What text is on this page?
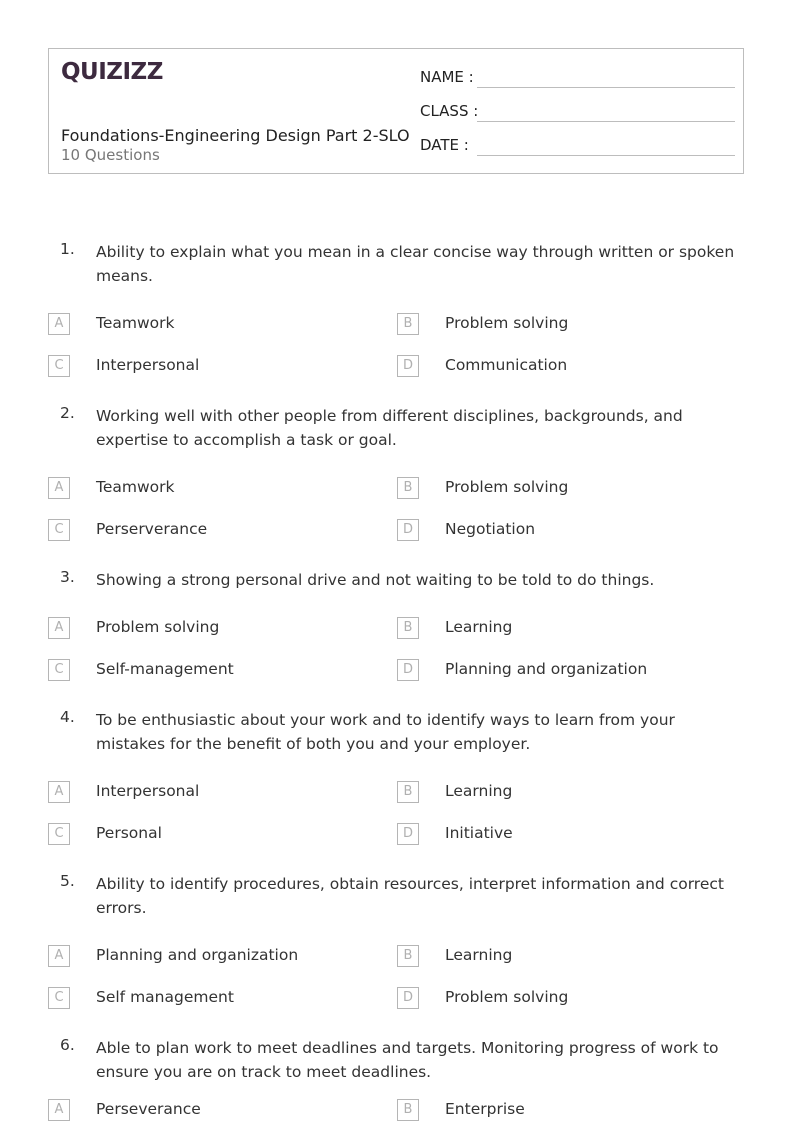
QUIZIZZ
Foundations-Engineering Design Part 2-SLO
10 Questions
NAME :
CLASS :
DATE :
1. Ability to explain what you mean in a clear concise way through written or spoken means.
A	Teamwork	B	Problem solving
C	Interpersonal	D	Communication
2. Working well with other people from different disciplines, backgrounds, and expertise to accomplish a task or goal.
A	Teamwork	B	Problem solving
C	Perserverance	D	Negotiation
3. Showing a strong personal drive and not waiting to be told to do things.
A	Problem solving	B	Learning
C	Self-management	D	Planning and organization
4. To be enthusiastic about your work and to identify ways to learn from your mistakes for the benefit of both you and your employer.
A	Interpersonal	B	Learning
C	Personal	D	Initiative
5. Ability to identify procedures, obtain resources, interpret information and correct errors.
A	Planning and organization	B	Learning
C	Self management	D	Problem solving
6. Able to plan work to meet deadlines and targets. Monitoring progress of work to ensure you are on track to meet deadlines.
A	Perseverance	B	Enterprise
